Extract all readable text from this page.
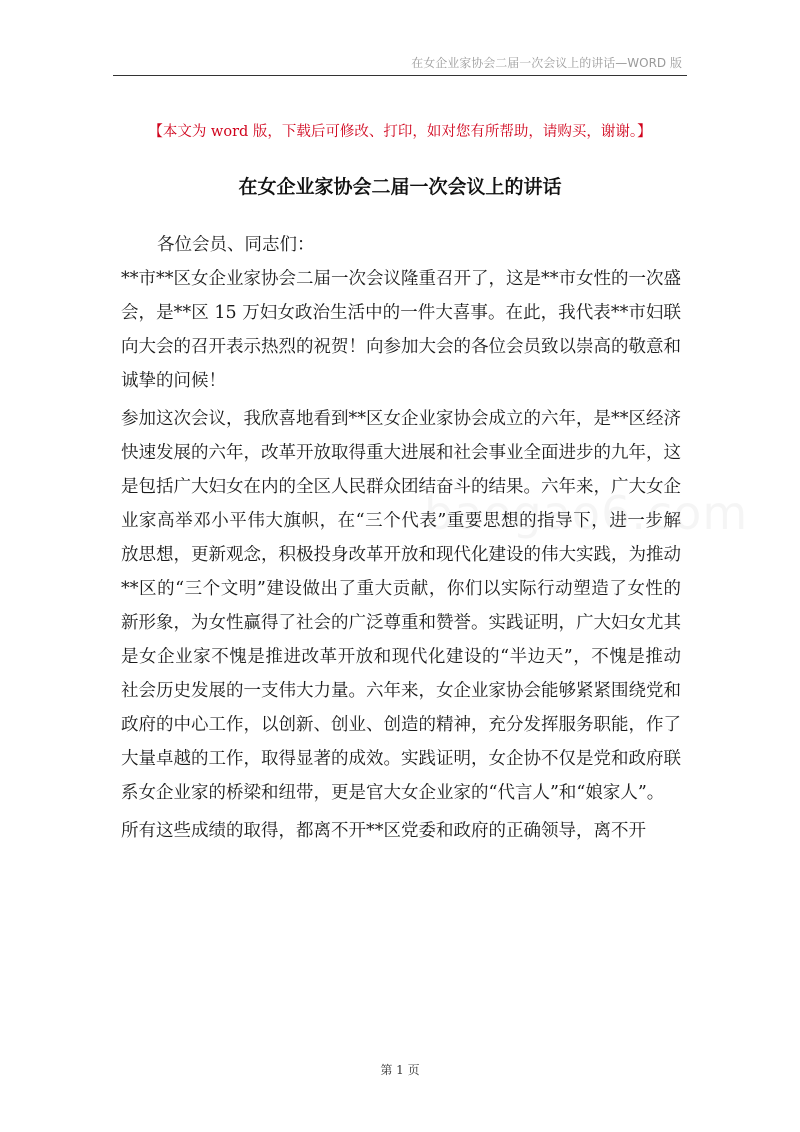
在女企业家协会二届一次会议上的讲话—WORD 版
【本文为 word 版，下载后可修改、打印，如对您有所帮助，请购买，谢谢。】
在女企业家协会二届一次会议上的讲话

各位会员、同志们：

**市**区女企业家协会二届一次会议隆重召开了，这是**市女性的一次盛会，是**区 15 万妇女政治生活中的一件大喜事。在此，我代表**市妇联向大会的召开表示热烈的祝贺！向参加大会的各位会员致以崇高的敬意和诚挚的问候！

参加这次会议，我欣喜地看到**区女企业家协会成立的六年，是**区经济快速发展的六年，改革开放取得重大进展和社会事业全面进步的九年，这是包括广大妇女在内的全区人民群众团结奋斗的结果。六年来，广大女企业家高举邓小平伟大旗帜，在“三个代表”重要思想的指导下，进一步解放思想，更新观念，积极投身改革开放和现代化建设的伟大实践，为推动**区的“三个文明”建设做出了重大贡献，你们以实际行动塑造了女性的新形象，为女性赢得了社会的广泛尊重和赞誉。实践证明，广大妇女尤其是女企业家不愧是推进改革开放和现代化建设的“半边天”，不愧是推动社会历史发展的一支伟大力量。六年来，女企业家协会能够紧紧围绕党和政府的中心工作，以创新、创业、创造的精神，充分发挥服务职能，作了大量卓越的工作，取得显著的成效。实践证明，女企协不仅是党和政府联系女企业家的桥梁和纽带，更是官大女企业家的“代言人”和“娘家人”。

所有这些成绩的取得，都离不开**区党委和政府的正确领导，离不开

第 1 页
